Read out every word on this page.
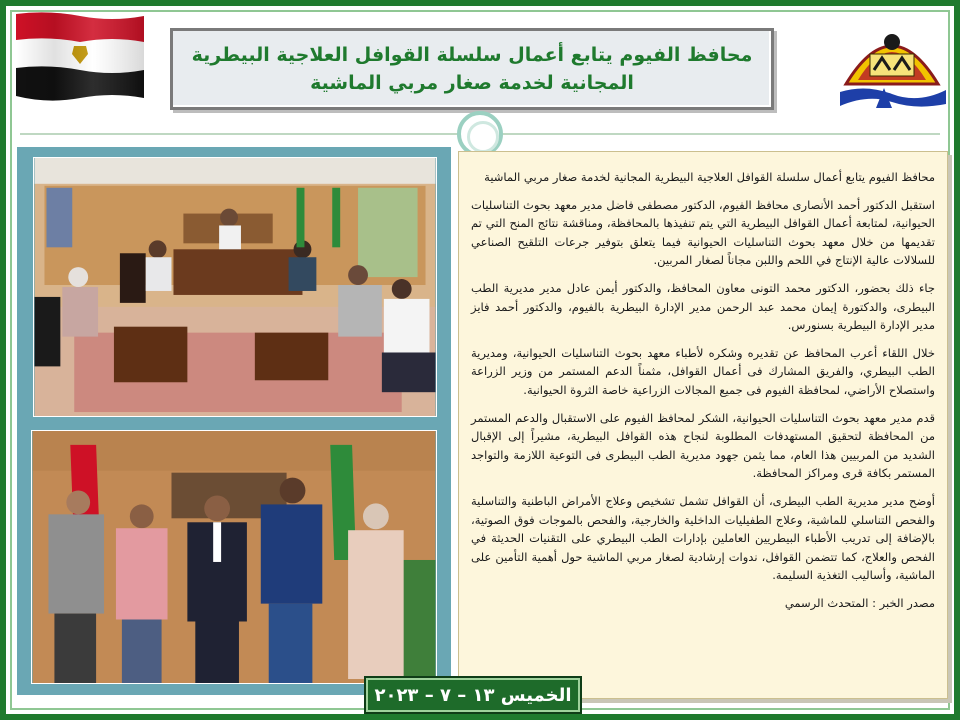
محافظ الفيوم يتابع أعمال سلسلة القوافل العلاجية البيطرية المجانية لخدمة صغار مربي الماشية

محافظ الفيوم يتابع أعمال سلسلة القوافل العلاجية البيطرية المجانية لخدمة صغار مربي الماشية

استقبل الدكتور أحمد الأنصارى محافظ الفيوم، الدكتور مصطفى فاضل مدير معهد بحوث التناسليات الحيوانية، لمتابعة أعمال القوافل البيطرية التي يتم تنفيذها بالمحافظة، ومناقشة نتائج المنح التي تم تقديمها من خلال معهد بحوث التناسليات الحيوانية فيما يتعلق بتوفير جرعات التلقيح الصناعي للسلالات عالية الإنتاج في اللحم واللبن مجاناً لصغار المربين.

جاء ذلك بحضور، الدكتور محمد التونى معاون المحافظ، والدكتور أيمن عادل مدير مديرية الطب البيطرى، والدكتورة إيمان محمد عبد الرحمن مدير الإدارة البيطرية بالفيوم، والدكتور أحمد فايز مدير الإدارة البيطرية بسنورس.

خلال اللقاء أعرب المحافظ عن تقديره وشكره لأطباء معهد بحوث التناسليات الحيوانية، ومديرية الطب البيطري، والفريق المشارك فى أعمال القوافل، مثمناً الدعم المستمر من وزير الزراعة واستصلاح الأراضي، لمحافظة الفيوم فى جميع المجالات الزراعية خاصة الثروة الحيوانية.

قدم مدير معهد بحوث التناسليات الحيوانية، الشكر لمحافظ الفيوم على الاستقبال والدعم المستمر من المحافظة لتحقيق المستهدفات المطلوبة لنجاح هذه القوافل البيطرية، مشيراً إلى الإقبال الشديد من المربيين هذا العام، مما يثمن جهود مديرية الطب البيطرى فى التوعية اللازمة والتواجد المستمر بكافة قرى ومراكز المحافظة.

أوضح مدير مديرية الطب البيطرى، أن القوافل تشمل تشخيص وعلاج الأمراض الباطنية والتناسلية والفحص التناسلي للماشية، وعلاج الطفيليات الداخلية والخارجية، والفحص بالموجات فوق الصوتية، بالإضافة إلى تدريب الأطباء البيطريين العاملين بإدارات الطب البيطري على التقنيات الحديثة في الفحص والعلاج، كما تتضمن القوافل، ندوات إرشادية لصغار مربي الماشية حول أهمية التأمين على الماشية، وأساليب التغذية السليمة.

مصدر الخبر : المتحدث الرسمي

الخميس ١٣ – ٧ – ٢٠٢٣
